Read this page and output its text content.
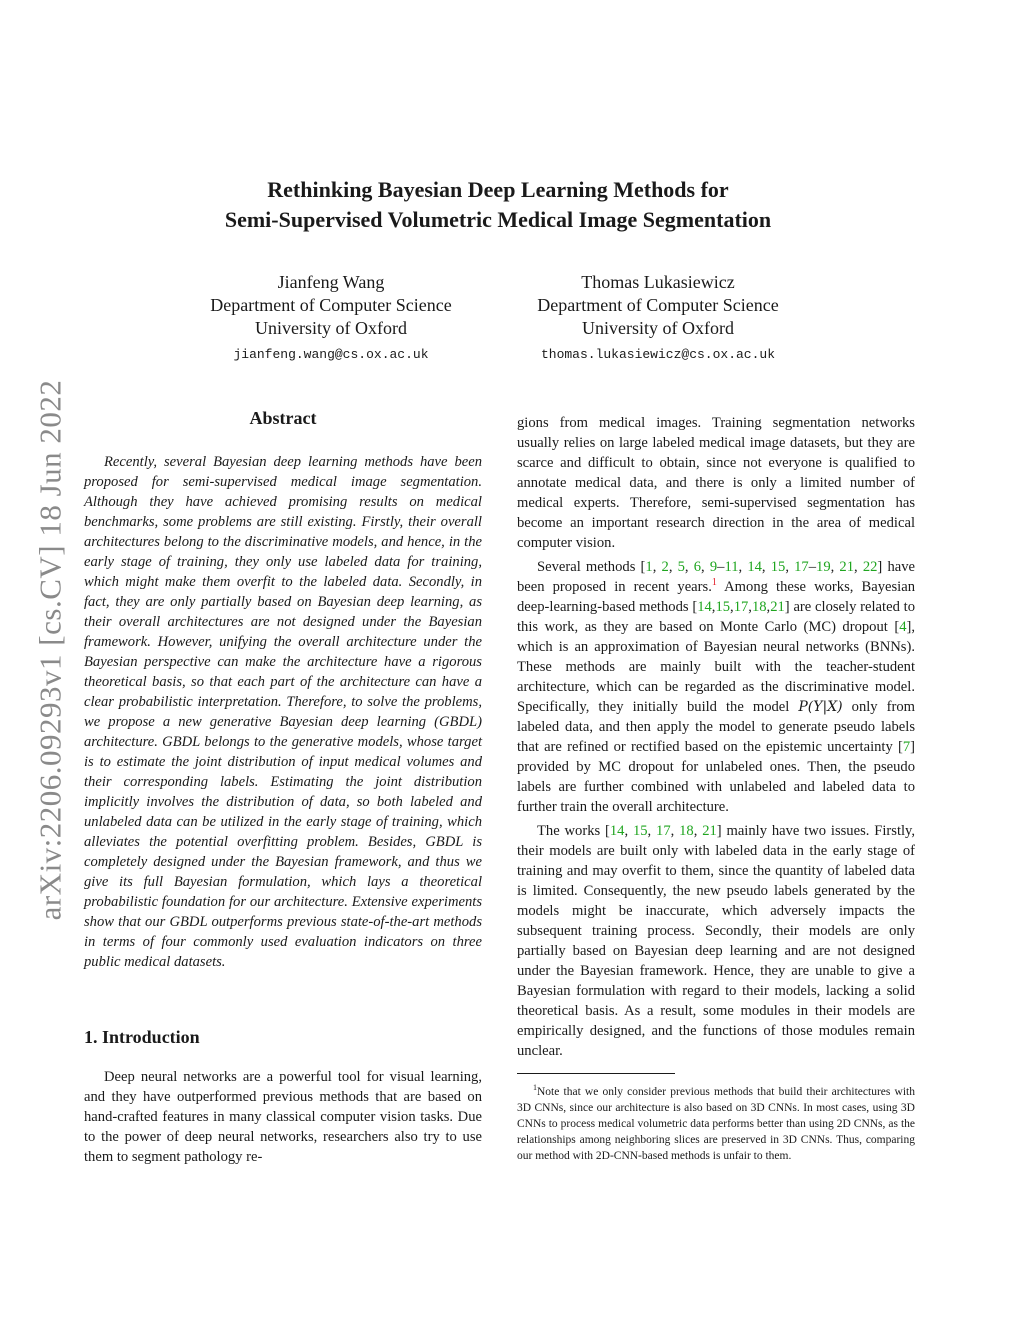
arXiv:2206.09293v1 [cs.CV] 18 Jun 2022
Rethinking Bayesian Deep Learning Methods for
Semi-Supervised Volumetric Medical Image Segmentation
Jianfeng Wang
Department of Computer Science
University of Oxford
jianfeng.wang@cs.ox.ac.uk
Thomas Lukasiewicz
Department of Computer Science
University of Oxford
thomas.lukasiewicz@cs.ox.ac.uk
Abstract

Recently, several Bayesian deep learning methods have been proposed for semi-supervised medical image segmentation. Although they have achieved promising results on medical benchmarks, some problems are still existing. Firstly, their overall architectures belong to the discriminative models, and hence, in the early stage of training, they only use labeled data for training, which might make them overfit to the labeled data. Secondly, in fact, they are only partially based on Bayesian deep learning, as their overall architectures are not designed under the Bayesian framework. However, unifying the overall architecture under the Bayesian perspective can make the architecture have a rigorous theoretical basis, so that each part of the architecture can have a clear probabilistic interpretation. Therefore, to solve the problems, we propose a new generative Bayesian deep learning (GBDL) architecture. GBDL belongs to the generative models, whose target is to estimate the joint distribution of input medical volumes and their corresponding labels. Estimating the joint distribution implicitly involves the distribution of data, so both labeled and unlabeled data can be utilized in the early stage of training, which alleviates the potential overfitting problem. Besides, GBDL is completely designed under the Bayesian framework, and thus we give its full Bayesian formulation, which lays a theoretical probabilistic foundation for our architecture. Extensive experiments show that our GBDL outperforms previous state-of-the-art methods in terms of four commonly used evaluation indicators on three public medical datasets.

1. Introduction

Deep neural networks are a powerful tool for visual learning, and they have outperformed previous methods that are based on hand-crafted features in many classical computer vision tasks. Due to the power of deep neural networks, researchers also try to use them to segment pathology re-

gions from medical images. Training segmentation networks usually relies on large labeled medical image datasets, but they are scarce and difficult to obtain, since not everyone is qualified to annotate medical data, and there is only a limited number of medical experts. Therefore, semi-supervised segmentation has become an important research direction in the area of medical computer vision.

Several methods [1, 2, 5, 6, 9–11, 14, 15, 17–19, 21, 22] have been proposed in recent years.$^1$ Among these works, Bayesian deep-learning-based methods [14,15,17,18,21] are closely related to this work, as they are based on Monte Carlo (MC) dropout [4], which is an approximation of Bayesian neural networks (BNNs). These methods are mainly built with the teacher-student architecture, which can be regarded as the discriminative model. Specifically, they initially build the model P(Y|X) only from labeled data, and then apply the model to generate pseudo labels that are refined or rectified based on the epistemic uncertainty [7] provided by MC dropout for unlabeled ones. Then, the pseudo labels are further combined with unlabeled and labeled data to further train the overall architecture.

The works [14, 15, 17, 18, 21] mainly have two issues. Firstly, their models are built only with labeled data in the early stage of training and may overfit to them, since the quantity of labeled data is limited. Consequently, the new pseudo labels generated by the models might be inaccurate, which adversely impacts the subsequent training process. Secondly, their models are only partially based on Bayesian deep learning and are not designed under the Bayesian framework. Hence, they are unable to give a Bayesian formulation with regard to their models, lacking a solid theoretical basis. As a result, some modules in their models are empirically designed, and the functions of those modules remain unclear.

$^1$Note that we only consider previous methods that build their architectures with 3D CNNs, since our architecture is also based on 3D CNNs. In most cases, using 3D CNNs to process medical volumetric data performs better than using 2D CNNs, as the relationships among neighboring slices are preserved in 3D CNNs. Thus, comparing our method with 2D-CNN-based methods is unfair to them.
